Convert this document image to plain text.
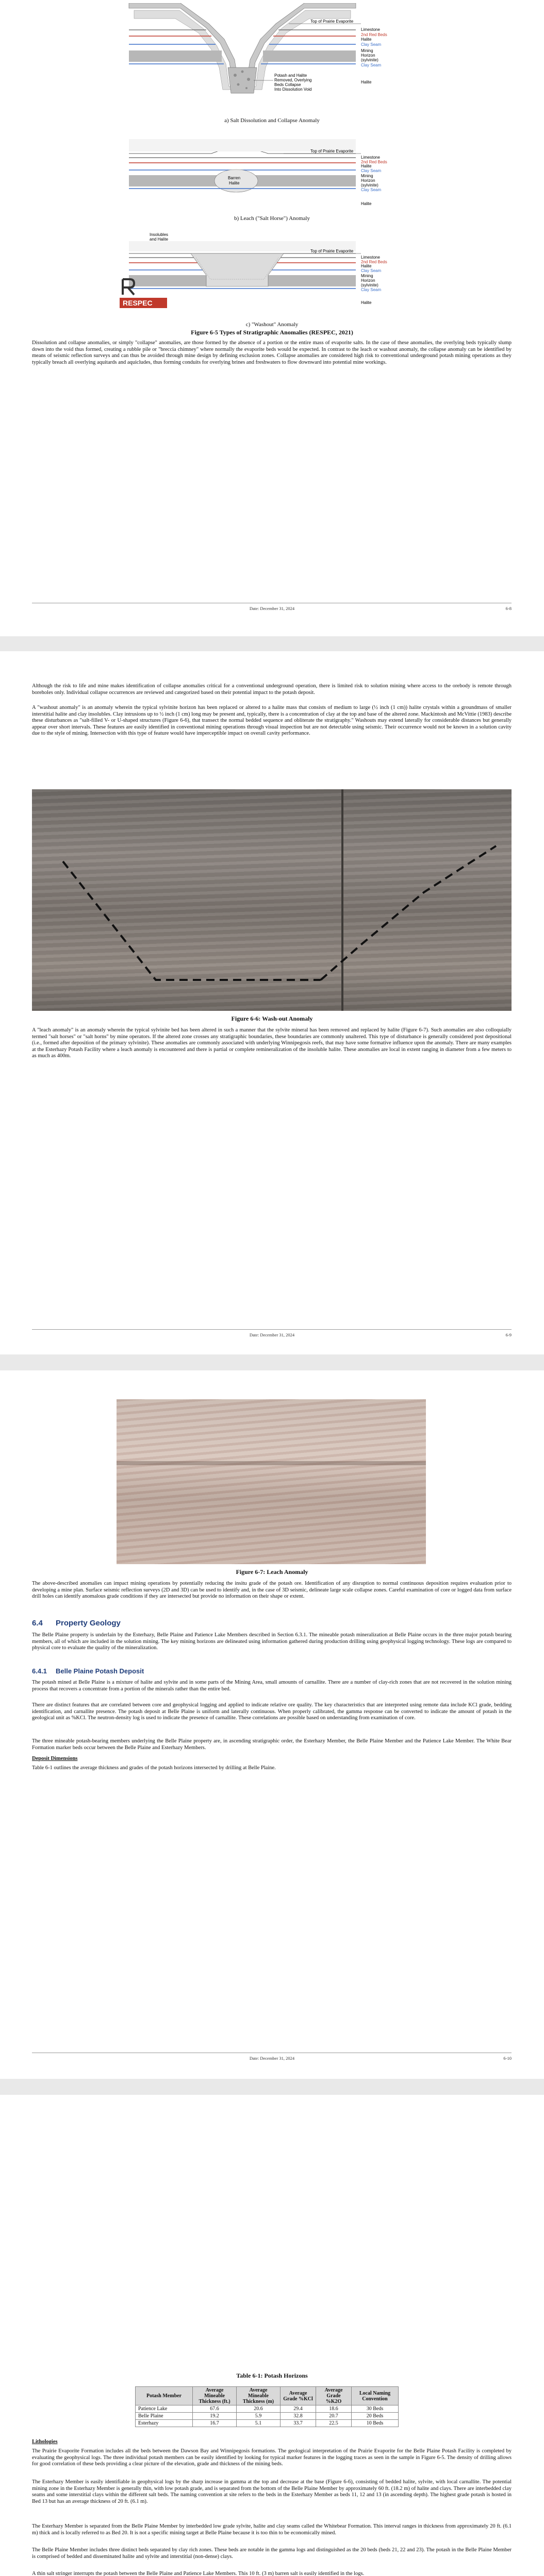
Top of Prairie Evaporite
Limestone
2nd Red Beds
Halite
Clay Seam
Mining
Horizon
(sylvinite)
Clay Seam
Halite
Potash and Halite
Removed, Overlying
Beds Collapse
Into Dissolution Void

a) Salt Dissolution and Collapse Anomaly

Top of Prairie Evaporite
Limestone
2nd Red Beds
Halite
Clay Seam
Mining
Horizon
(sylvinite)
Clay Seam
Halite
Barren
Halite

b) Leach ("Salt Horse") Anomaly

Insolubles
and Halite
Top of Prairie Evaporite
Limestone
2nd Red Beds
Halite
Clay Seam
Mining
Horizon
(sylvinite)
Clay Seam
Halite
RESPEC

c) "Washout" Anomaly

Figure 6-5 Types of Stratigraphic Anomalies (RESPEC, 2021)

Dissolution and collapse anomalies, or simply "collapse" anomalies, are those formed by the absence of a portion or the entire mass of evaporite salts. In the case of these anomalies, the overlying beds typically slump down into the void thus formed, creating a rubble pile or "breccia chimney" where normally the evaporite beds would be expected. In contrast to the leach or washout anomaly, the collapse anomaly can be identified by means of seismic reflection surveys and can thus be avoided through mine design by defining exclusion zones. Collapse anomalies are considered high risk to conventional underground potash mining operations as they typically breach all overlying aquitards and aquicludes, thus forming conduits for overlying brines and freshwaters to flow downward into potential mine workings.

Date: December 31, 2024	6-8

Although the risk to life and mine makes identification of collapse anomalies critical for a conventional underground operation, there is limited risk to solution mining where access to the orebody is remote through boreholes only. Individual collapse occurrences are reviewed and categorized based on their potential impact to the potash deposit.

A "washout anomaly" is an anomaly wherein the typical sylvinite horizon has been replaced or altered to a halite mass that consists of medium to large (½ inch (1 cm)) halite crystals within a groundmass of smaller interstitial halite and clay insolubles. Clay intrusions up to ½ inch (1 cm) long may be present and, typically, there is a concentration of clay at the top and base of the altered zone. Mackintosh and McVittie (1983) describe these disturbances as "salt-filled V- or U-shaped structures (Figure 6-6), that transect the normal bedded sequence and obliterate the stratigraphy." Washouts may extend laterally for considerable distances but generally appear over short intervals. These features are easily identified in conventional mining operations through visual inspection but are not detectable using seismic. Their occurrence would not be known in a solution cavity due to the style of mining. Intersection with this type of feature would have imperceptible impact on overall cavity performance.

Figure 6-6: Wash-out Anomaly

A "leach anomaly" is an anomaly wherein the typical sylvinite bed has been altered in such a manner that the sylvite mineral has been removed and replaced by halite (Figure 6-7). Such anomalies are also colloquially termed "salt horses" or "salt horns" by mine operators. If the altered zone crosses any stratigraphic boundaries, these boundaries are commonly unaltered. This type of disturbance is generally considered post depositional (i.e., formed after deposition of the primary sylvinite). These anomalies are commonly associated with underlying Winnipegosis reefs, that may have some formative influence upon the anomaly. There are many examples at the Esterhazy Potash Facility where a leach anomaly is encountered and there is partial or complete remineralization of the insoluble halite. These anomalies are local in extent ranging in diameter from a few meters to as much as 400m.

Date: December 31, 2024	6-9

Figure 6-7: Leach Anomaly

The above-described anomalies can impact mining operations by potentially reducing the insitu grade of the potash ore. Identification of any disruption to normal continuous deposition requires evaluation prior to developing a mine plan. Surface seismic reflection surveys (2D and 3D) can be used to identify and, in the case of 3D seismic, delineate large scale collapse zones. Careful examination of core or logged data from surface drill holes can identify anomalous grade conditions if they are intersected but provide no information on their shape or extent.

6.4 Property Geology

The Belle Plaine property is underlain by the Esterhazy, Belle Plaine and Patience Lake Members described in Section 6.3.1. The mineable potash mineralization at Belle Plaine occurs in the three major potash bearing members, all of which are included in the solution mining. The key mining horizons are delineated using information gathered during production drilling using geophysical logging technology. These logs are compared to physical core to evaluate the quality of the mineralization.

6.4.1 Belle Plaine Potash Deposit

The potash mined at Belle Plaine is a mixture of halite and sylvite and in some parts of the Mining Area, small amounts of carnallite. There are a number of clay-rich zones that are not recovered in the solution mining process that recovers a concentrate from a portion of the minerals rather than the entire bed.

There are distinct features that are correlated between core and geophysical logging and applied to indicate relative ore quality. The key characteristics that are interpreted using remote data include KCl grade, bedding identification, and carnallite presence. The potash deposit at Belle Plaine is uniform and laterally continuous. When properly calibrated, the gamma response can be converted to indicate the amount of potash in the geological unit as %KCl. The neutron-density log is used to indicate the presence of carnallite. These correlations are possible based on understanding from examination of core.

The three mineable potash-bearing members underlying the Belle Plaine property are, in ascending stratigraphic order, the Esterhazy Member, the Belle Plaine Member and the Patience Lake Member. The White Bear Formation marker beds occur between the Belle Plaine and Esterhazy Members.

Deposit Dimensions

Table 6-1 outlines the average thickness and grades of the potash horizons intersected by drilling at Belle Plaine.

Date: December 31, 2024	6-10

Table 6-1: Potash Horizons

Potash Member	Average Mineable Thickness (ft.)	Average Mineable Thickness (m)	Average Grade %KCl	Average Grade %K2O	Local Naming Convention
Patience Lake	67.6	20.6	29.4	18.6	30 Beds
Belle Plaine	19.2	5.9	32.8	20.7	20 Beds
Esterhazy	16.7	5.1	33.7	22.5	10 Beds

Lithologies

The Prairie Evaporite Formation includes all the beds between the Dawson Bay and Winnipegosis formations. The geological interpretation of the Prairie Evaporite for the Belle Plaine Potash Facility is completed by evaluating the geophysical logs. The three individual potash members can be easily identified by looking for typical marker features in the logging traces as seen in the sample in Figure 6-5. The density of drilling allows for good correlation of these beds providing a clear picture of the elevation, grade and thickness of the mining beds.

The Esterhazy Member is easily identifiable in geophysical logs by the sharp increase in gamma at the top and decrease at the base (Figure 6-6), consisting of bedded halite, sylvite, with local carnallite. The potential mining zone in the Esterhazy Member is generally thin, with low potash grade, and is separated from the bottom of the Belle Plaine Member by approximately 60 ft. (18.2 m) of halite and clays. There are interbedded clay seams and some interstitial clays within the different salt beds. The naming convention at site refers to the beds in the Esterhazy Member as beds 11, 12 and 13 (in ascending depth). The highest grade potash is hosted in Bed 13 but has an average thickness of 20 ft. (6.1 m).

The Esterhazy Member is separated from the Belle Plaine Member by interbedded low grade sylvite, halite and clay seams called the Whitebear Formation. This interval ranges in thickness from approximately 20 ft. (6.1 m) thick and is locally referred to as Bed 20. It is not a specific mining target at Belle Plaine because it is too thin to be economically mined.

The Belle Plaine Member includes three distinct beds separated by clay rich zones. These beds are notable in the gamma logs and distinguished as the 20 beds (beds 21, 22 and 23). The potash in the Belle Plaine Member is comprised of bedded and disseminated halite and sylvite and interstitial (non-dense) clays.

A thin salt stringer interrupts the potash between the Belle Plaine and Patience Lake Members. This 10 ft. (3 m) barren salt is easily identified in the logs.
